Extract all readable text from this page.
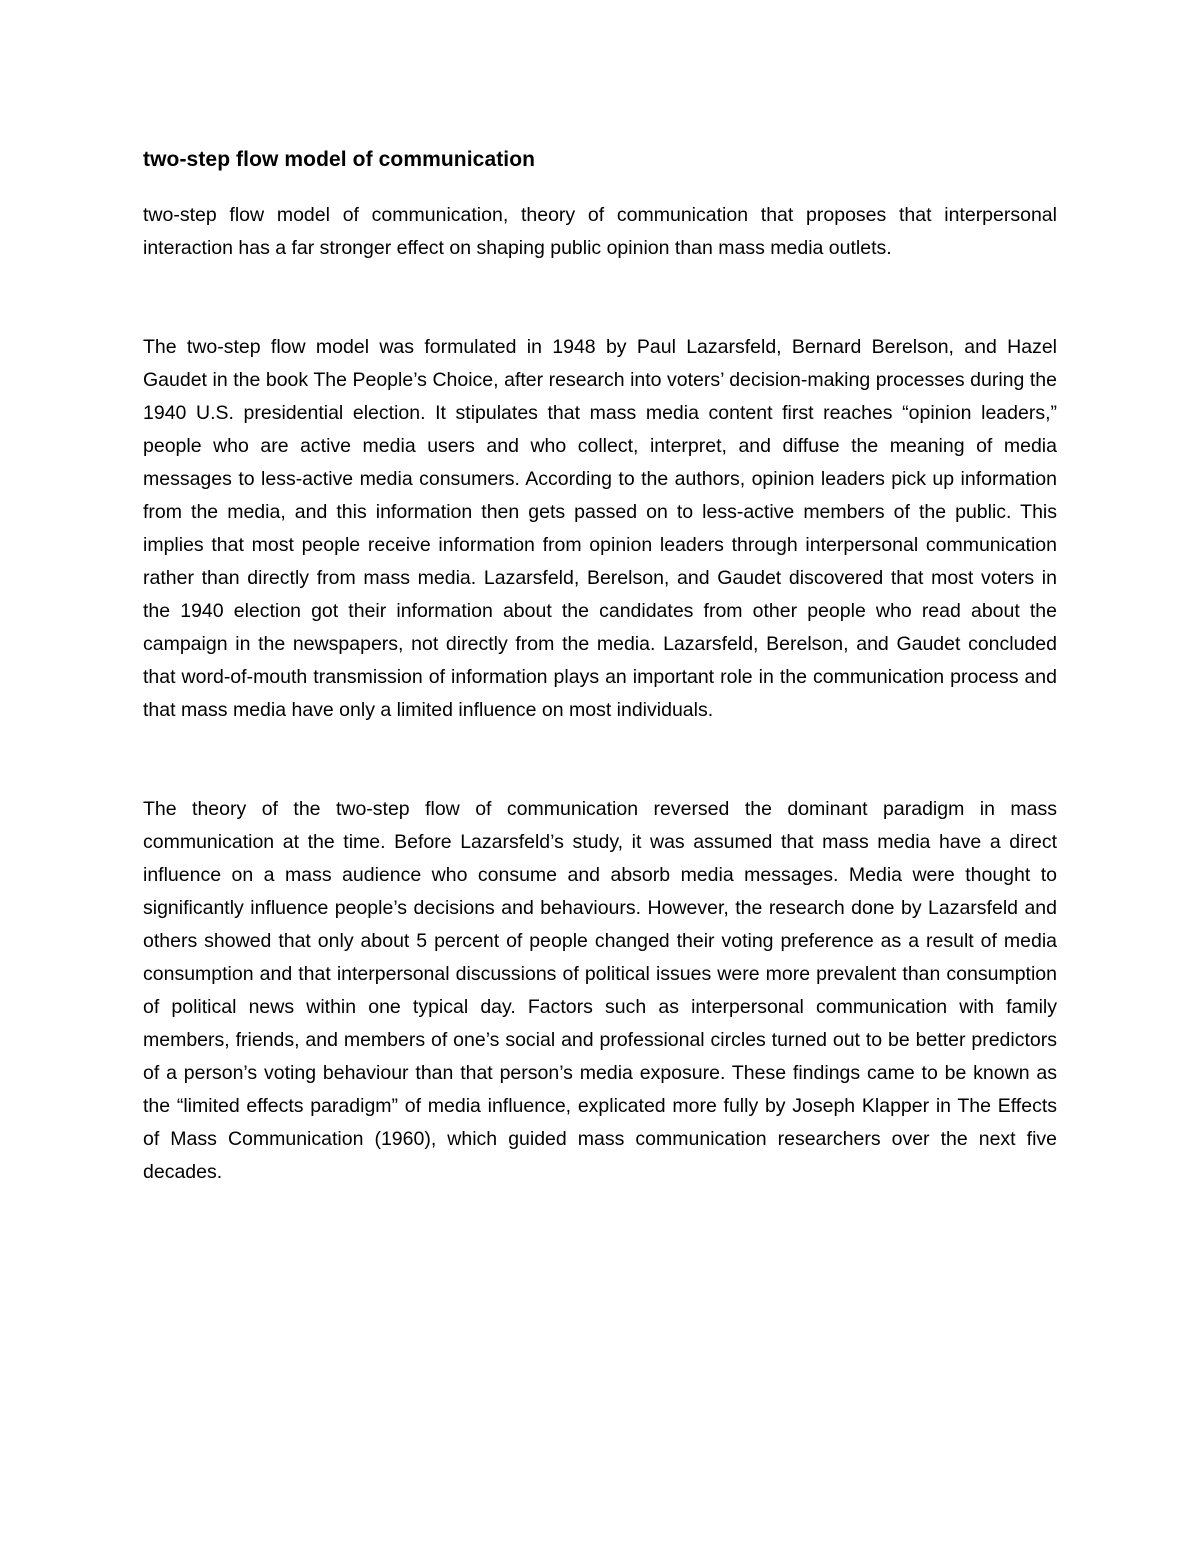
two-step flow model of communication

two-step flow model of communication, theory of communication that proposes that interpersonal interaction has a far stronger effect on shaping public opinion than mass media outlets.

The two-step flow model was formulated in 1948 by Paul Lazarsfeld, Bernard Berelson, and Hazel Gaudet in the book The People’s Choice, after research into voters’ decision-making processes during the 1940 U.S. presidential election. It stipulates that mass media content first reaches “opinion leaders,” people who are active media users and who collect, interpret, and diffuse the meaning of media messages to less-active media consumers. According to the authors, opinion leaders pick up information from the media, and this information then gets passed on to less-active members of the public. This implies that most people receive information from opinion leaders through interpersonal communication rather than directly from mass media. Lazarsfeld, Berelson, and Gaudet discovered that most voters in the 1940 election got their information about the candidates from other people who read about the campaign in the newspapers, not directly from the media. Lazarsfeld, Berelson, and Gaudet concluded that word-of-mouth transmission of information plays an important role in the communication process and that mass media have only a limited influence on most individuals.

The theory of the two-step flow of communication reversed the dominant paradigm in mass communication at the time. Before Lazarsfeld’s study, it was assumed that mass media have a direct influence on a mass audience who consume and absorb media messages. Media were thought to significantly influence people’s decisions and behaviours. However, the research done by Lazarsfeld and others showed that only about 5 percent of people changed their voting preference as a result of media consumption and that interpersonal discussions of political issues were more prevalent than consumption of political news within one typical day. Factors such as interpersonal communication with family members, friends, and members of one’s social and professional circles turned out to be better predictors of a person’s voting behaviour than that person’s media exposure. These findings came to be known as the “limited effects paradigm” of media influence, explicated more fully by Joseph Klapper in The Effects of Mass Communication (1960), which guided mass communication researchers over the next five decades.
